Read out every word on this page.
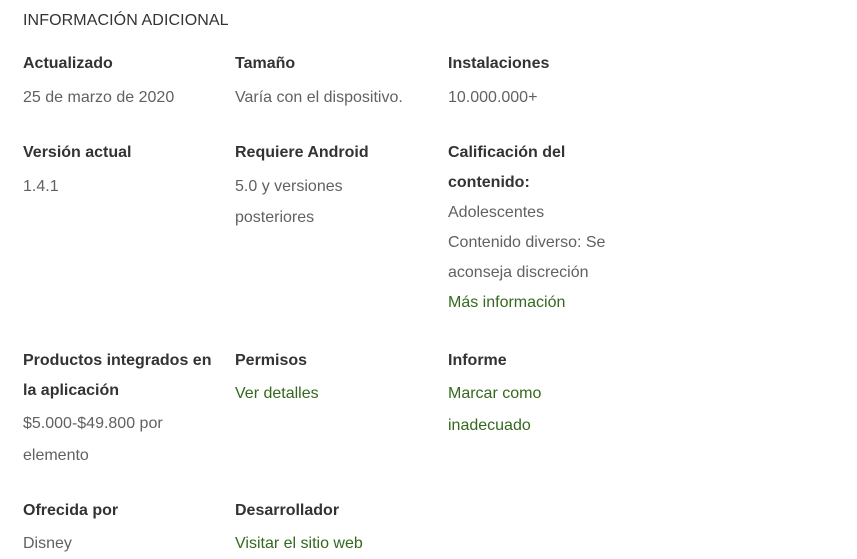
INFORMACIÓN ADICIONAL
Actualizado
25 de marzo de 2020
Tamaño
Varía con el dispositivo.
Instalaciones
10.000.000+
Versión actual
1.4.1
Requiere Android
5.0 y versiones
posteriores
Calificación del
contenido:
Adolescentes
Contenido diverso: Se
aconseja discreción
Más información
Productos integrados en
la aplicación
$5.000-$49.800 por
elemento
Permisos
Ver detalles
Informe
Marcar como
inadecuado
Ofrecida por
Disney
Desarrollador
Visitar el sitio web
